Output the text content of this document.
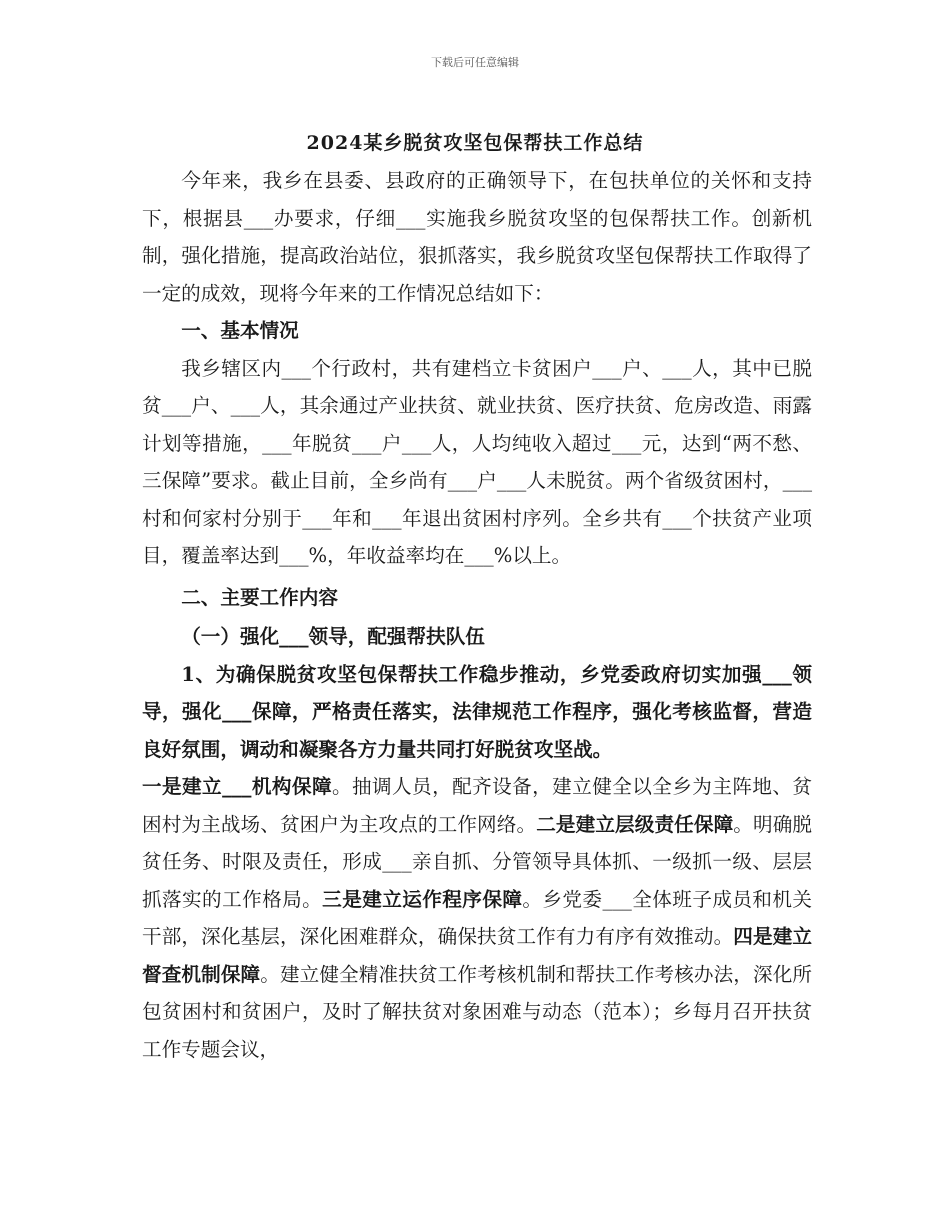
下载后可任意编辑
2024某乡脱贫攻坚包保帮扶工作总结

今年来，我乡在县委、县政府的正确领导下，在包扶单位的关怀和支持下，根据县___办要求，仔细___实施我乡脱贫攻坚的包保帮扶工作。创新机制，强化措施，提高政治站位，狠抓落实，我乡脱贫攻坚包保帮扶工作取得了一定的成效，现将今年来的工作情况总结如下：

一、基本情况

我乡辖区内___个行政村，共有建档立卡贫困户___户、___人，其中已脱贫___户、___人，其余通过产业扶贫、就业扶贫、医疗扶贫、危房改造、雨露计划等措施，___年脱贫___户___人，人均纯收入超过___元，达到“两不愁、三保障”要求。截止目前，全乡尚有___户___人未脱贫。两个省级贫困村，___村和何家村分别于___年和___年退出贫困村序列。全乡共有___个扶贫产业项目，覆盖率达到___%，年收益率均在___%以上。

二、主要工作内容

（一）强化___领导，配强帮扶队伍

1、为确保脱贫攻坚包保帮扶工作稳步推动，乡党委政府切实加强___领导，强化___保障，严格责任落实，法律规范工作程序，强化考核监督，营造良好氛围，调动和凝聚各方力量共同打好脱贫攻坚战。

一是建立___机构保障。抽调人员，配齐设备，建立健全以全乡为主阵地、贫困村为主战场、贫困户为主攻点的工作网络。二是建立层级责任保障。明确脱贫任务、时限及责任，形成___亲自抓、分管领导具体抓、一级抓一级、层层抓落实的工作格局。三是建立运作程序保障。乡党委___全体班子成员和机关干部，深化基层，深化困难群众，确保扶贫工作有力有序有效推动。四是建立督查机制保障。建立健全精准扶贫工作考核机制和帮扶工作考核办法，深化所包贫困村和贫困户，及时了解扶贫对象困难与动态（范本）；乡每月召开扶贫工作专题会议，
